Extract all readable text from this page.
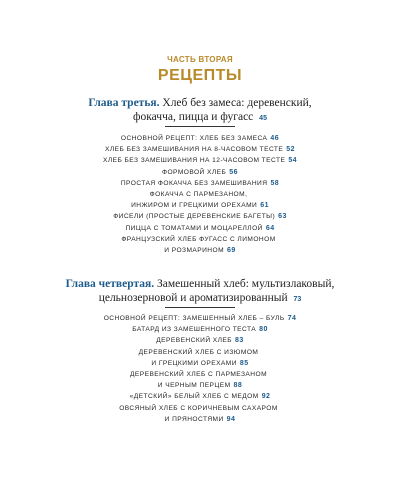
ЧАСТЬ ВТОРАЯ
РЕЦЕПТЫ
Глава третья. Хлеб без замеса: деревенский,
фокачча, пицца и фугасс 45
ОСНОВНОЙ РЕЦЕПТ: ХЛЕБ БЕЗ ЗАМЕСА 46
ХЛЕБ БЕЗ ЗАМЕШИВАНИЯ НА 8-ЧАСОВОМ ТЕСТЕ 52
ХЛЕБ БЕЗ ЗАМЕШИВАНИЯ НА 12-ЧАСОВОМ ТЕСТЕ 54
ФОРМОВОЙ ХЛЕБ 56
ПРОСТАЯ ФОКАЧЧА БЕЗ ЗАМЕШИВАНИЯ 58
ФОКАЧЧА С ПАРМЕЗАНОМ,
ИНЖИРОМ И ГРЕЦКИМИ ОРЕХАМИ 61
ФИСЕЛИ (ПРОСТЫЕ ДЕРЕВЕНСКИЕ БАГЕТЫ) 63
ПИЦЦА С ТОМАТАМИ И МОЦАРЕЛЛОЙ 64
ФРАНЦУЗСКИЙ ХЛЕБ ФУГАСС С ЛИМОНОМ
И РОЗМАРИНОМ 69
Глава четвертая. Замешенный хлеб: мультизлаковый,
цельнозерновой и ароматизированный 73
ОСНОВНОЙ РЕЦЕПТ: ЗАМЕШЕННЫЙ ХЛЕБ – БУЛЬ 74
БАТАРД ИЗ ЗАМЕШЕННОГО ТЕСТА 80
ДЕРЕВЕНСКИЙ ХЛЕБ 83
ДЕРЕВЕНСКИЙ ХЛЕБ С ИЗЮМОМ
И ГРЕЦКИМИ ОРЕХАМИ 85
ДЕРЕВЕНСКИЙ ХЛЕБ С ПАРМЕЗАНОМ
И ЧЕРНЫМ ПЕРЦЕМ 88
«ДЕТСКИЙ» БЕЛЫЙ ХЛЕБ С МЕДОМ 92
ОВСЯНЫЙ ХЛЕБ С КОРИЧНЕВЫМ САХАРОМ
И ПРЯНОСТЯМИ 94
